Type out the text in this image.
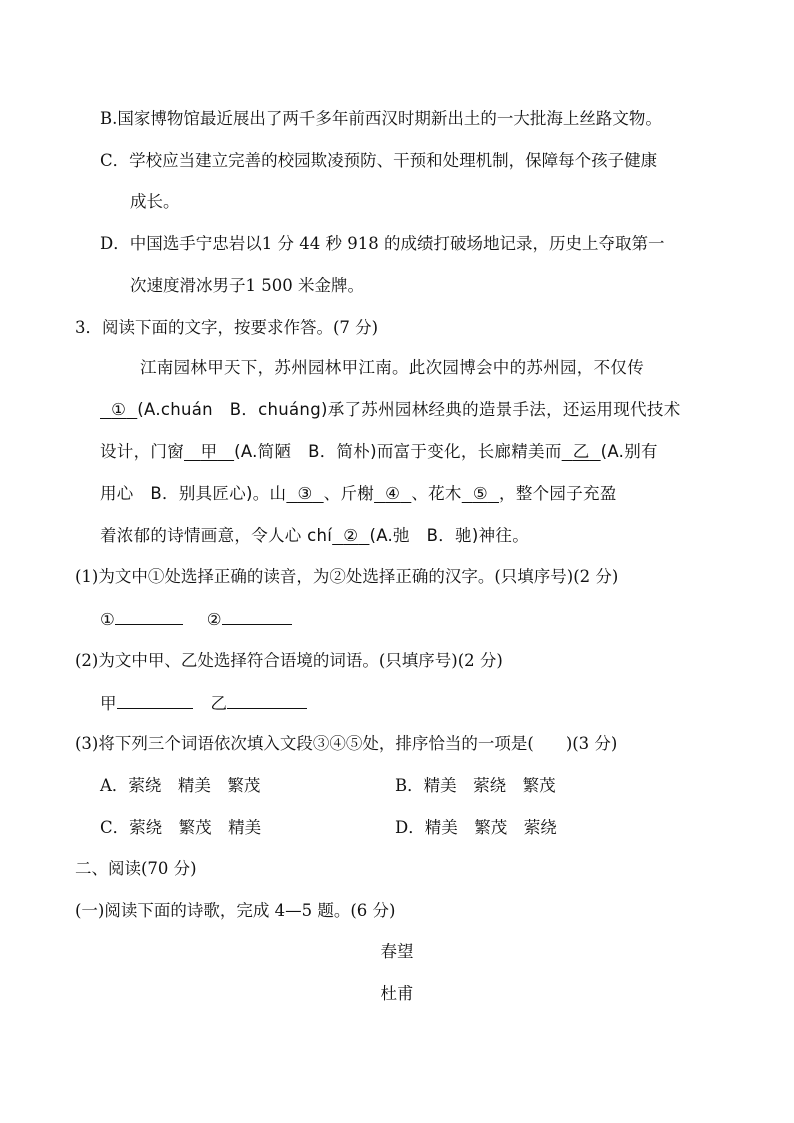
B.国家博物馆最近展出了两千多年前西汉时期新出土的一大批海上丝路文物。
C．学校应当建立完善的校园欺凌预防、干预和处理机制，保障每个孩子健康
成长。
D．中国选手宁忠岩以1 分 44 秒 918 的成绩打破场地记录，历史上夺取第一
次速度滑冰男子1 500 米金牌。
3．阅读下面的文字，按要求作答。(7 分)
江南园林甲天下，苏州园林甲江南。此次园博会中的苏州园，不仅传
① (A.chuán　B．chuáng)承了苏州园林经典的造景手法，还运用现代技术
设计，门窗 甲 (A.简陋　B．简朴)而富于变化，长廊精美而 乙 (A.别有
用心　B．别具匠心)。山 ③ 、斤榭 ④ 、花木 ⑤ ，整个园子充盈
着浓郁的诗情画意，令人心 chí ② (A.弛　B．驰)神往。
(1)为文中①处选择正确的读音，为②处选择正确的汉字。(只填序号)(2 分)
①	②
(2)为文中甲、乙处选择符合语境的词语。(只填序号)(2 分)
甲	乙
(3)将下列三个词语依次填入文段③④⑤处，排序恰当的一项是( )(3 分)
A．萦绕　精美　繁茂	B．精美　萦绕　繁茂
C．萦绕　繁茂　精美	D．精美　繁茂　萦绕
二、阅读(70 分)
(一)阅读下面的诗歌，完成 4—5 题。(6 分)
春望
杜甫
